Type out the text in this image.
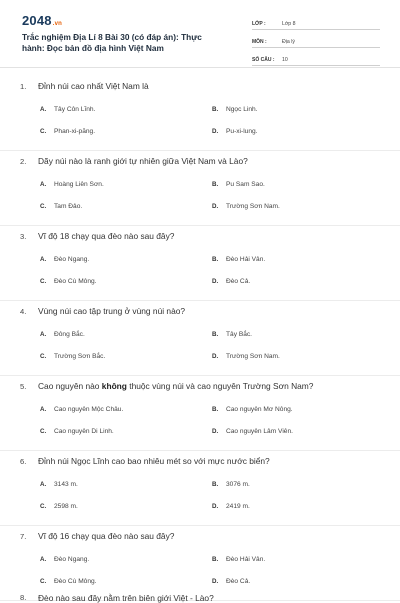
2048.vn
Trắc nghiệm Địa Lí 8 Bài 30 (có đáp án): Thực hành: Đọc bản đồ địa hình Việt Nam
LỚP :	Lớp 8
MÔN :	Địa lý
SỐ CÂU :	10
1. Đỉnh núi cao nhất Việt Nam là
A.	Tây Côn Lĩnh.	B.	Ngọc Linh.
C.	Phan-xi-păng.	D.	Pu-xi-lung.
2. Dãy núi nào là ranh giới tự nhiên giữa Việt Nam và Lào?
A.	Hoàng Liên Sơn.	B.	Pu Sam Sao.
C.	Tam Đảo.	D.	Trường Sơn Nam.
3. Vĩ độ 18 chạy qua đèo nào sau đây?
A.	Đèo Ngang.	B.	Đèo Hải Vân.
C.	Đèo Cù Mông.	D.	Đèo Cả.
4. Vùng núi cao tập trung ở vùng núi nào?
A.	Đông Bắc.	B.	Tây Bắc.
C.	Trường Sơn Bắc.	D.	Trường Sơn Nam.
5. Cao nguyên nào không thuộc vùng núi và cao nguyên Trường Sơn Nam?
A.	Cao nguyên Mộc Châu.	B.	Cao nguyên Mơ Nông.
C.	Cao nguyên Di Linh.	D.	Cao nguyên Lâm Viên.
6. Đỉnh núi Ngọc Lĩnh cao bao nhiêu mét so với mực nước biển?
A.	3143 m.	B.	3076 m.
C.	2598 m.	D.	2419 m.
7. Vĩ độ 16 chạy qua đèo nào sau đây?
A.	Đèo Ngang.	B.	Đèo Hải Vân.
C.	Đèo Cù Mông.	D.	Đèo Cả.
8. Đèo nào sau đây nằm trên biên giới Việt - Lào?
